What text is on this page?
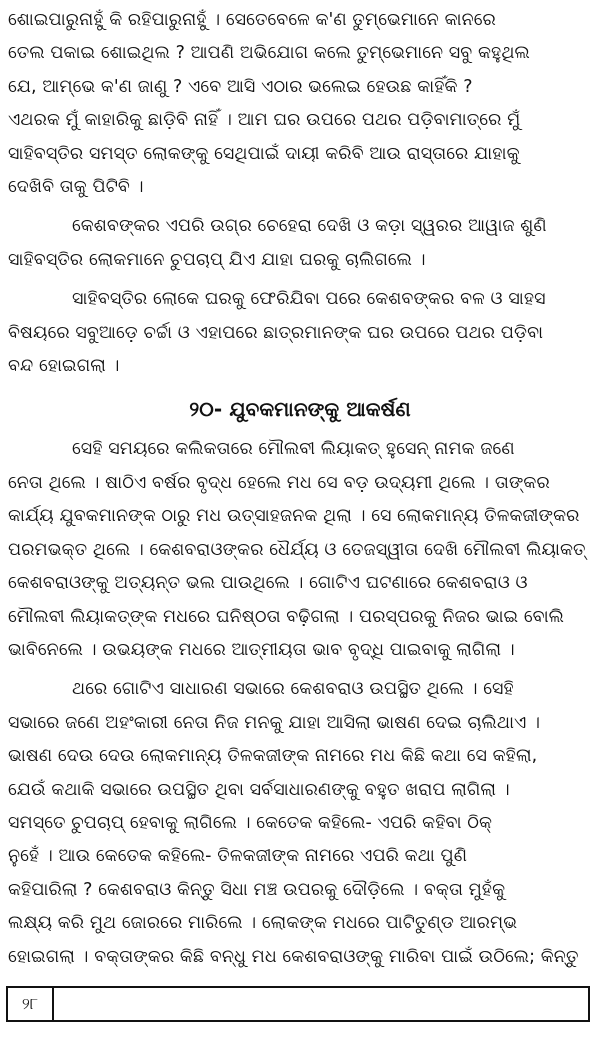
ଶୋଇପାରୁନାହୁଁ କି ରହିପାରୁନାହୁଁ । ସେତେବେଳେ କ'ଣ ତୁମ୍ଭେମାନେ କାନରେ
ତେଲ ପକାଇ ଶୋଇଥିଲ ? ଆପଣି ଅଭିଯୋଗ କଲେ ତୁମ୍ଭେମାନେ ସବୁ କହୁଥିଲ
ଯେ, ଆମ୍ଭେ କ'ଣ ଜାଣୁ ? ଏବେ ଆସି ଏଠାର ଭଲେଇ ହେଉଛ କାହିଁକି ?
ଏଥରକ ମୁଁ କାହାରିକୁ ଛାଡ଼ିବି ନାହିଁ । ଆମ ଘର ଉପରେ ପଥର ପଡ଼ିବାମାତ୍ରେ ମୁଁ
ସାହିବସ୍ତିର ସମସ୍ତ ଲୋକଙ୍କୁ ସେଥିପାଇଁ ଦାୟୀ କରିବି ଆଉ ରାସ୍ତାରେ ଯାହାକୁ
ଦେଖିବି ତାକୁ ପିଟିବି ।

କେଶବଙ୍କର ଏପରି ଉଗ୍ର ଚେହେରା ଦେଖି ଓ କଡ଼ା ସ୍ୱରର ଆୱାଜ ଶୁଣି
ସାହିବସ୍ତିର ଲୋକମାନେ ଚୁପଚାପ୍ ଯିଏ ଯାହା ଘରକୁ ଚାଲିଗଲେ ।

ସାହିବସ୍ତିର ଲୋକେ ଘରକୁ ଫେରିଯିବା ପରେ କେଶବଙ୍କର ବଳ ଓ ସାହସ
ବିଷୟରେ ସବୁଆଡ଼େ ଚର୍ଚ୍ଚା ଓ ଏହାପରେ ଛାତ୍ରମାନଙ୍କ ଘର ଉପରେ ପଥର ପଡ଼ିବା
ବନ୍ଦ ହୋଇଗଲା ।

୨୦- ଯୁବକମାନଙ୍କୁ ଆକର୍ଷଣ

ସେହି ସମୟରେ କଲିକତାରେ ମୌଲବୀ ଲିୟାକତ୍ ହୁସେନ୍ ନାମକ ଜଣେ
ନେତା ଥିଲେ । ଷାଠିଏ ବର୍ଷର ବୃଦ୍ଧ ହେଲେ ମଧ ସେ ବଡ଼ ଉଦ୍ୟମୀ ଥିଲେ । ତାଙ୍କର
କାର୍ଯ୍ୟ ଯୁବକମାନଙ୍କ ଠାରୁ ମଧ ଉତ୍ସାହଜନକ ଥିଲା । ସେ ଲୋକମାନ୍ୟ ତିଳକଜୀଙ୍କର
ପରମଭକ୍ତ ଥିଲେ । କେଶବରାଓଙ୍କର ଧୈର୍ଯ୍ୟ ଓ ତେଜସ୍ୱୀତା ଦେଖି ମୌଲବୀ ଲିୟାକତ୍
କେଶବରାଓଙ୍କୁ ଅତ୍ୟନ୍ତ ଭଲ ପାଉଥିଲେ । ଗୋଟିଏ ଘଟଣାରେ କେଶବରାଓ ଓ
ମୌଲବୀ ଲିୟାକତ୍‌ଙ୍କ ମଧରେ ଘନିଷ୍ଠତା ବଢ଼ିଗଲା । ପରସ୍ପରକୁ ନିଜର ଭାଇ ବୋଲି
ଭାବିନେଲେ । ଉଭୟଙ୍କ ମଧରେ ଆତ୍ମୀୟତା ଭାବ ବୃଦ୍ଧି ପାଇବାକୁ ଲାଗିଲା ।

ଥରେ ଗୋଟିଏ ସାଧାରଣ ସଭାରେ କେଶବରାଓ ଉପସ୍ଥିତ ଥିଲେ । ସେହି
ସଭାରେ ଜଣେ ଅହଂକାରୀ ନେତା ନିଜ ମନକୁ ଯାହା ଆସିଲା ଭାଷଣ ଦେଇ ଚାଲିଥାଏ ।
ଭାଷଣ ଦେଉ ଦେଉ ଲୋକମାନ୍ୟ ତିଳକଜୀଙ୍କ ନାମରେ ମଧ କିଛି କଥା ସେ କହିଲା,
ଯେଉଁ କଥାକି ସଭାରେ ଉପସ୍ଥିତ ଥିବା ସର୍ବସାଧାରଣଙ୍କୁ ବହୁତ ଖରାପ ଲାଗିଲା ।
ସମସ୍ତେ ଚୁପଚାପ୍ ହେବାକୁ ଲାଗିଲେ । କେତେକ କହିଲେ- ଏପରି କହିବା ଠିକ୍
ନୁହେଁ । ଆଉ କେତେକ କହିଲେ- ତିଳକଜୀଙ୍କ ନାମରେ ଏପରି କଥା ପୁଣି
କହିପାରିଲା ? କେଶବରାଓ କିନ୍ତୁ ସିଧା ମଞ୍ଚ ଉପରକୁ ଦୌଡ଼ିଲେ । ବକ୍ତା ମୁହଁକୁ
ଲକ୍ଷ୍ୟ କରି ମୁଥ ଜୋରରେ ମାରିଲେ । ଲୋକଙ୍କ ମଧରେ ପାଟିତୁଣ୍ଡ ଆରମ୍ଭ
ହୋଇଗଲା । ବକ୍ତାଙ୍କର କିଛି ବନ୍ଧୁ ମଧ କେଶବରାଓଙ୍କୁ ମାରିବା ପାଇଁ ଉଠିଲେ; କିନ୍ତୁ

୨୮
